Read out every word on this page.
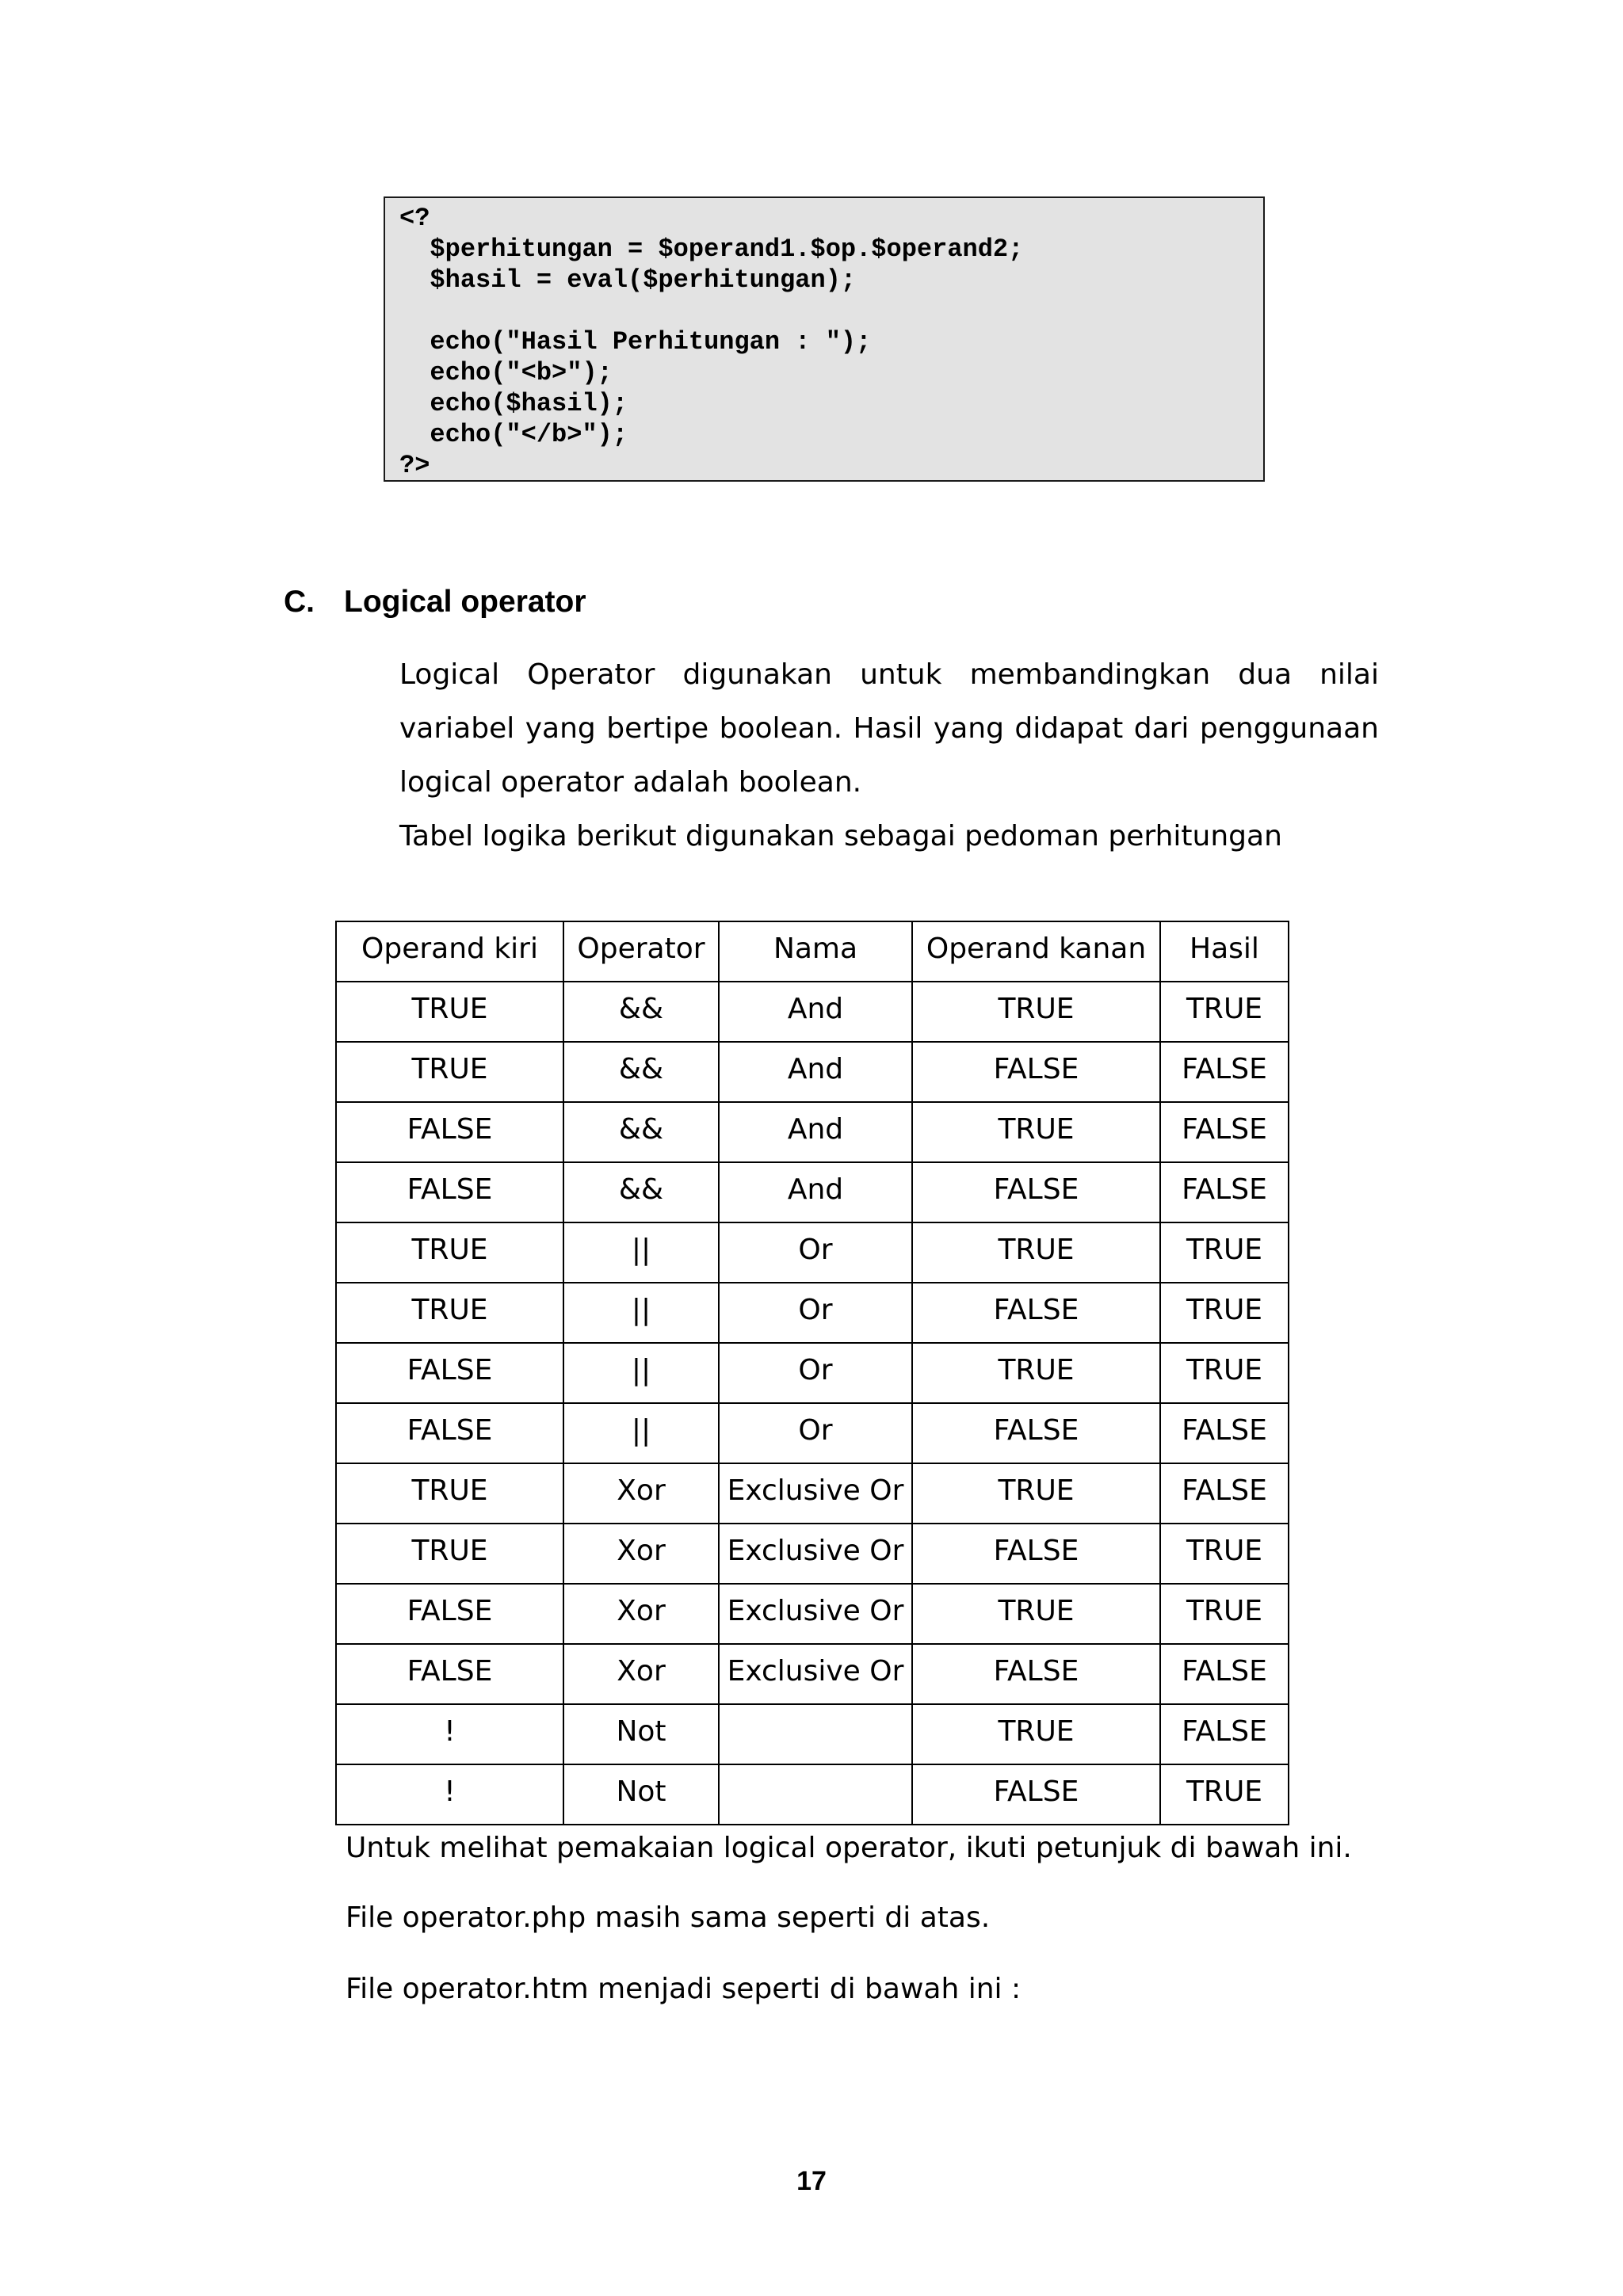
<?
$perhitungan = $operand1.$op.$operand2;
$hasil = eval($perhitungan);
echo("Hasil Perhitungan : ");
echo("<b>");
echo($hasil);
echo("</b>");
?>
C. Logical operator

Logical Operator digunakan untuk membandingkan dua nilai variabel yang bertipe boolean. Hasil yang didapat dari penggunaan logical operator adalah boolean.

Tabel logika berikut digunakan sebagai pedoman perhitungan

Operand kiri	Operator	Nama	Operand kanan	Hasil
TRUE	&&	And	TRUE	TRUE
TRUE	&&	And	FALSE	FALSE
FALSE	&&	And	TRUE	FALSE
FALSE	&&	And	FALSE	FALSE
TRUE	||	Or	TRUE	TRUE
TRUE	||	Or	FALSE	TRUE
FALSE	||	Or	TRUE	TRUE
FALSE	||	Or	FALSE	FALSE
TRUE	Xor	Exclusive Or	TRUE	FALSE
TRUE	Xor	Exclusive Or	FALSE	TRUE
FALSE	Xor	Exclusive Or	TRUE	TRUE
FALSE	Xor	Exclusive Or	FALSE	FALSE
!	Not		TRUE	FALSE
!	Not		FALSE	TRUE
Untuk melihat pemakaian logical operator, ikuti petunjuk di bawah ini.
File operator.php masih sama seperti di atas.
File operator.htm menjadi seperti di bawah ini :
17
